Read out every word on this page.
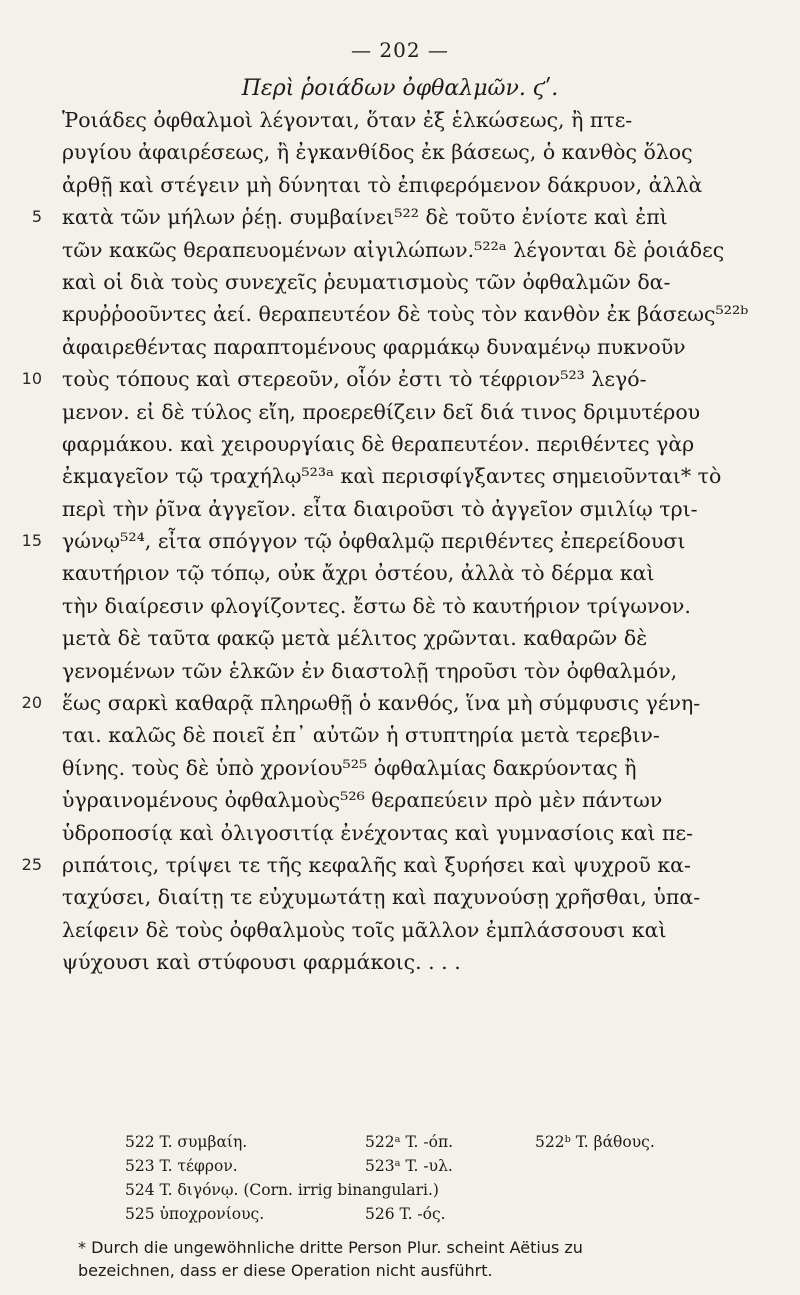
— 202 —
Περὶ ῥοιάδων ὀφθαλμῶν. ϛʹ.
Ῥοιάδες ὀφθαλμοὶ λέγονται, ὅταν ἐξ ἑλκώσεως, ἢ πτε-
ρυγίου ἀφαιρέσεως, ἢ ἐγκανθίδος ἐκ βάσεως, ὁ κανθὸς ὅλος
ἀρθῇ καὶ στέγειν μὴ δύνηται τὸ ἐπιφερόμενον δάκρυον, ἀλλὰ
5 κατὰ τῶν μήλων ῥέῃ. συμβαίνει⁵²² δὲ τοῦτο ἐνίοτε καὶ ἐπὶ
τῶν κακῶς θεραπευομένων αἰγιλώπων.⁵²²ᵃ λέγονται δὲ ῥοιάδες
καὶ οἱ διὰ τοὺς συνεχεῖς ῥευματισμοὺς τῶν ὀφθαλμῶν δα-
κρυῤῥοοῦντες ἀεί. θεραπευτέον δὲ τοὺς τὸν κανθὸν ἐκ βάσεως⁵²²ᵇ
ἀφαιρεθέντας παραπτομένους φαρμάκῳ δυναμένῳ πυκνοῦν
10 τοὺς τόπους καὶ στερεοῦν, οἷόν ἐστι τὸ τέφριον⁵²³ λεγό-
μενον. εἰ δὲ τύλος εἴη, προερεθίζειν δεῖ διά τινος δριμυτέρου
φαρμάκου. καὶ χειρουργίαις δὲ θεραπευτέον. περιθέντες γὰρ
ἐκμαγεῖον τῷ τραχήλῳ⁵²³ᵃ καὶ περισφίγξαντες σημειοῦνται* τὸ
περὶ τὴν ῥῖνα ἀγγεῖον. εἶτα διαιροῦσι τὸ ἀγγεῖον σμιλίῳ τρι-
15 γώνῳ⁵²⁴, εἶτα σπόγγον τῷ ὀφθαλμῷ περιθέντες ἐπερείδουσι
καυτήριον τῷ τόπῳ, οὐκ ἄχρι ὀστέου, ἀλλὰ τὸ δέρμα καὶ
τὴν διαίρεσιν φλογίζοντες. ἔστω δὲ τὸ καυτήριον τρίγωνον.
μετὰ δὲ ταῦτα φακῷ μετὰ μέλιτος χρῶνται. καθαρῶν δὲ
γενομένων τῶν ἑλκῶν ἐν διαστολῇ τηροῦσι τὸν ὀφθαλμόν,
20 ἕως σαρκὶ καθαρᾷ πληρωθῇ ὁ κανθός, ἵνα μὴ σύμφυσις γένη-
ται. καλῶς δὲ ποιεῖ ἐπ᾽ αὐτῶν ἡ στυπτηρία μετὰ τερεβιν-
θίνης. τοὺς δὲ ὑπὸ χρονίου⁵²⁵ ὀφθαλμίας δακρύοντας ἢ
ὑγραινομένους ὀφθαλμοὺς⁵²⁶ θεραπεύειν πρὸ μὲν πάντων
ὑδροποσίᾳ καὶ ὀλιγοσιτίᾳ ἐνέχοντας καὶ γυμνασίοις καὶ πε-
25 ριπάτοις, τρίψει τε τῆς κεφαλῆς καὶ ξυρήσει καὶ ψυχροῦ κα-
ταχύσει, διαίτῃ τε εὐχυμωτάτῃ καὶ παχυνούσῃ χρῆσθαι, ὑπα-
λείφειν δὲ τοὺς ὀφθαλμοὺς τοῖς μᾶλλον ἐμπλάσσουσι καὶ
ψύχουσι καὶ στύφουσι φαρμάκοις. . . .
522 T. συμβαίη.	522ᵃ T. -όπ.	522ᵇ T. βάθους.
523 T. τέφρον.	523ᵃ T. -υλ.
524 T. διγόνῳ. (Corn. irrig binangulari.)
525 ὑποχρονίους.	526 T. -ός.
* Durch die ungewöhnliche dritte Person Plur. scheint Aëtius zu
bezeichnen, dass er diese Operation nicht ausführt.
